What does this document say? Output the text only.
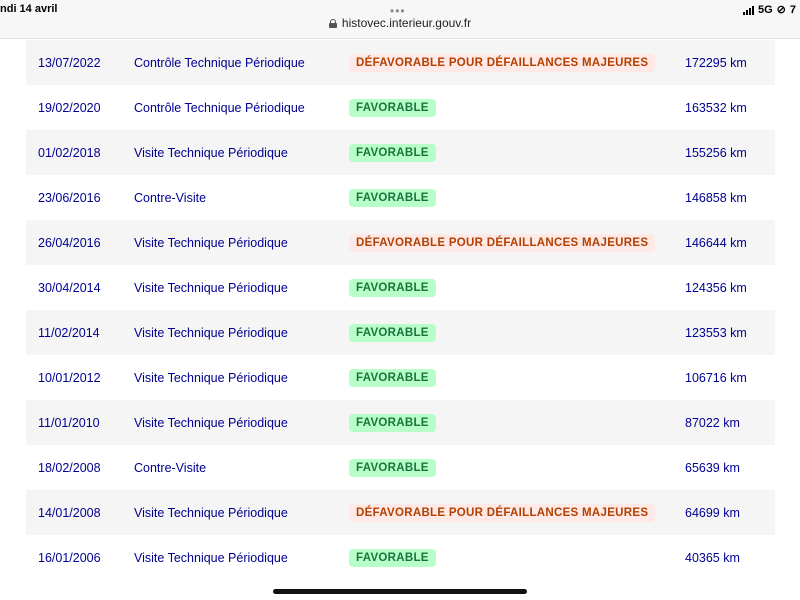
ndi 14 avril	•••
histovec.interieur.gouv.fr
5G ⊘ 7
13/07/2022	Contrôle Technique Périodique	DÉFAVORABLE POUR DÉFAILLANCES MAJEURES	172295 km
19/02/2020	Contrôle Technique Périodique	FAVORABLE	163532 km
01/02/2018	Visite Technique Périodique	FAVORABLE	155256 km
23/06/2016	Contre-Visite	FAVORABLE	146858 km
26/04/2016	Visite Technique Périodique	DÉFAVORABLE POUR DÉFAILLANCES MAJEURES	146644 km
30/04/2014	Visite Technique Périodique	FAVORABLE	124356 km
11/02/2014	Visite Technique Périodique	FAVORABLE	123553 km
10/01/2012	Visite Technique Périodique	FAVORABLE	106716 km
11/01/2010	Visite Technique Périodique	FAVORABLE	87022 km
18/02/2008	Contre-Visite	FAVORABLE	65639 km
14/01/2008	Visite Technique Périodique	DÉFAVORABLE POUR DÉFAILLANCES MAJEURES	64699 km
16/01/2006	Visite Technique Périodique	FAVORABLE	40365 km
